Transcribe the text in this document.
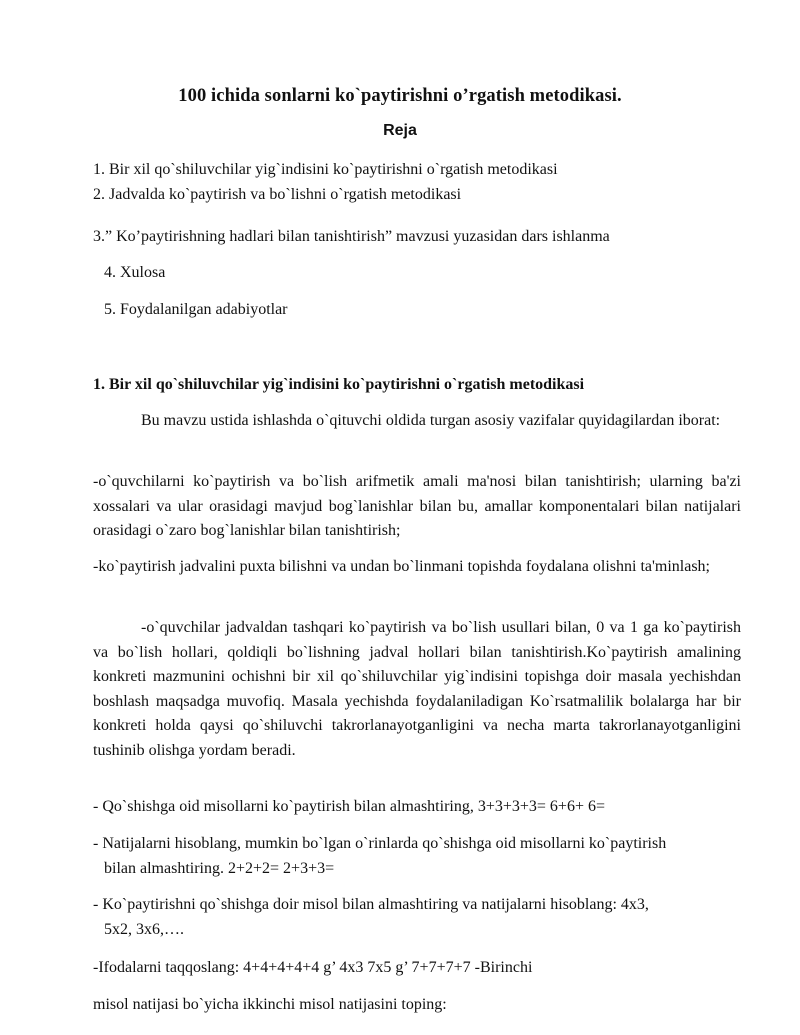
100 ichida sonlarni ko`paytirishni o’rgatish metodikasi.
Reja
1. Bir xil qo`shiluvchilar yig`indisini ko`paytirishni o`rgatish metodikasi
2. Jadvalda ko`paytirish va bo`lishni o`rgatish metodikasi
3.” Ko’paytirishning hadlari bilan tanishtirish” mavzusi yuzasidan dars ishlanma
4. Xulosa
5. Foydalanilgan adabiyotlar
1. Bir xil qo`shiluvchilar yig`indisini ko`paytirishni o`rgatish metodikasi
Bu mavzu ustida ishlashda o`qituvchi oldida turgan asosiy vazifalar quyidagilardan iborat:
-o`quvchilarni ko`paytirish va bo`lish arifmetik amali ma'nosi bilan tanishtirish; ularning ba'zi xossalari va ular orasidagi mavjud bog`lanishlar bilan bu, amallar komponentalari bilan natijalari orasidagi o`zaro bog`lanishlar bilan tanishtirish;
-ko`paytirish jadvalini puxta bilishni va undan bo`linmani topishda foydalana olishni ta'minlash;
-o`quvchilar jadvaldan tashqari ko`paytirish va bo`lish usullari bilan, 0 va 1 ga ko`paytirish va bo`lish hollari, qoldiqli bo`lishning jadval hollari bilan tanishtirish.Ko`paytirish amalining konkreti mazmunini ochishni bir xil qo`shiluvchilar yig`indisini topishga doir masala yechishdan boshlash maqsadga muvofiq. Masala yechishda foydalaniladigan Ko`rsatmalilik bolalarga har bir konkreti holda qaysi qo`shiluvchi takrorlanayotganligini va necha marta takrorlanayotganligini tushinib olishga yordam beradi.
- Qo`shishga oid misollarni ko`paytirish bilan almashtiring, 3+3+3+3= 6+6+ 6=
- Natijalarni hisoblang, mumkin bo`lgan o`rinlarda qo`shishga oid misollarni ko`paytirish
bilan almashtiring. 2+2+2= 2+3+3=
- Ko`paytirishni qo`shishga doir misol bilan almashtiring va natijalarni hisoblang: 4x3,
5x2, 3x6,….
-Ifodalarni taqqoslang: 4+4+4+4+4 g’ 4x3 7x5 g’ 7+7+7+7 -Birinchi
misol natijasi bo`yicha ikkinchi misol natijasini toping:
